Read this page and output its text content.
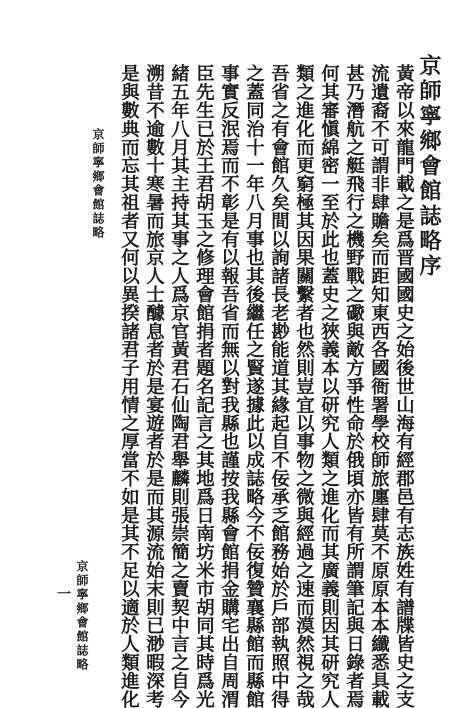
京師寧鄉會館誌略序
黃帝以來龍門載之是爲晋國國史之始後世山海有經郡邑有志族姓有譜牒皆史之支
流遺裔不可謂非肆贍矣而距知東西各國衙署學校師旅廛肆莫不原原本本纖悉具載
甚乃潛航之艇飛行之機野戰之礮與敵方爭性命於俄頃亦皆有所謂筆記與日錄者焉
何其審愼綿密一至於此也蓋史之狹義本以研究人類之進化而其廣義則因其研究人
類之進化而更窮極其因果關繫者也然則豈宜以事物之微與經過之速而漠然視之哉
吾省之有會館久矣間以詢諸長老尠能道其緣起自不佞承乏館務始於戶部執照中得
之蓋同治十一年八月事也其後繼任之賢遂據此以成誌略今不佞復贊襄縣館而縣館
事實反泯焉而不彰是有以報吾省而無以對我縣也謹按我縣會館捐金購宅出自周渭
臣先生已於王君胡玉之修理會館捐者題名記言之其地爲日南坊米市胡同其時爲光
緒五年八月其主持其事之人爲京官黃君石仙陶君舉麟則張崇簡之賣契中言之自今
溯昔不逾數十寒暑而旅京人士醵息者於是宴遊者於是而其源流始末則已渺暇深考
是與數典而忘其祖者又何以異揆諸君子用情之厚當不如是其不足以適於人類進化
京師寧鄉會館誌略
京師寧鄉會館誌略
一
